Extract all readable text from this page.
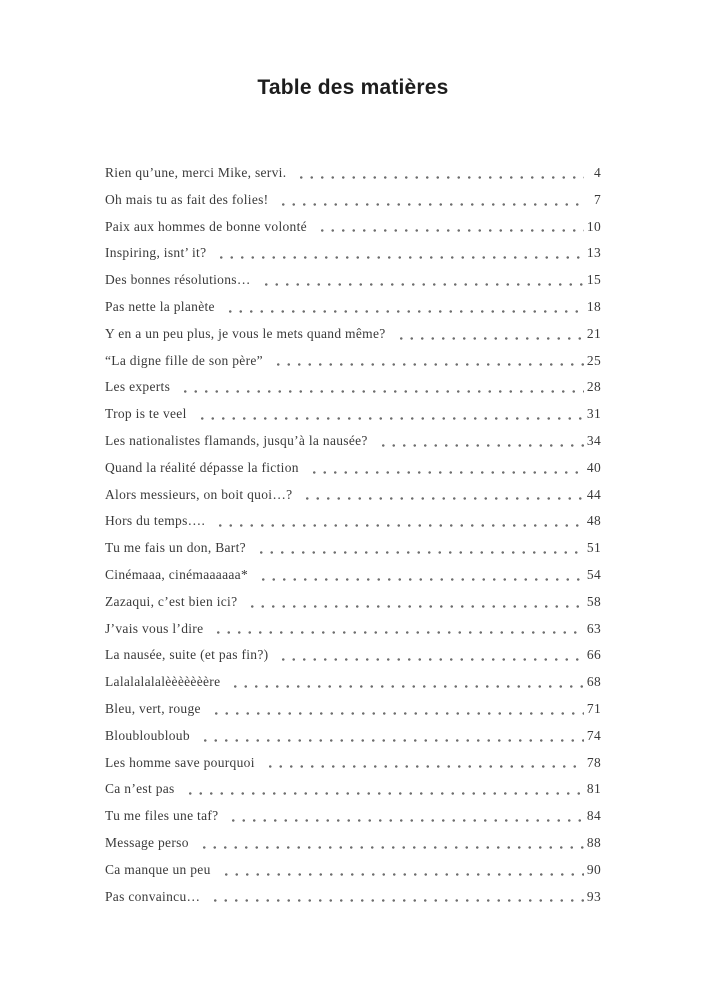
Table des matières
Rien qu’une, merci Mike, servi.	4
Oh mais tu as fait des folies!	7
Paix aux hommes de bonne volonté	10
Inspiring, isnt’ it?	13
Des bonnes résolutions…	15
Pas nette la planète	18
Y en a un peu plus, je vous le mets quand même?	21
“La digne fille de son père”	25
Les experts	28
Trop is te veel	31
Les nationalistes flamands, jusqu’à la nausée?	34
Quand la réalité dépasse la fiction	40
Alors messieurs, on boit quoi…?	44
Hors du temps….	48
Tu me fais un don, Bart?	51
Cinémaaa, cinémaaaaaa*	54
Zazaqui, c’est bien ici?	58
J’vais vous l’dire	63
La nausée, suite (et pas fin?)	66
Lalalalalalèèèèèèère	68
Bleu, vert, rouge	71
Bloubloubloub	74
Les homme save pourquoi	78
Ca n’est pas	81
Tu me files une taf?	84
Message perso	88
Ca manque un peu	90
Pas convaincu…	93
